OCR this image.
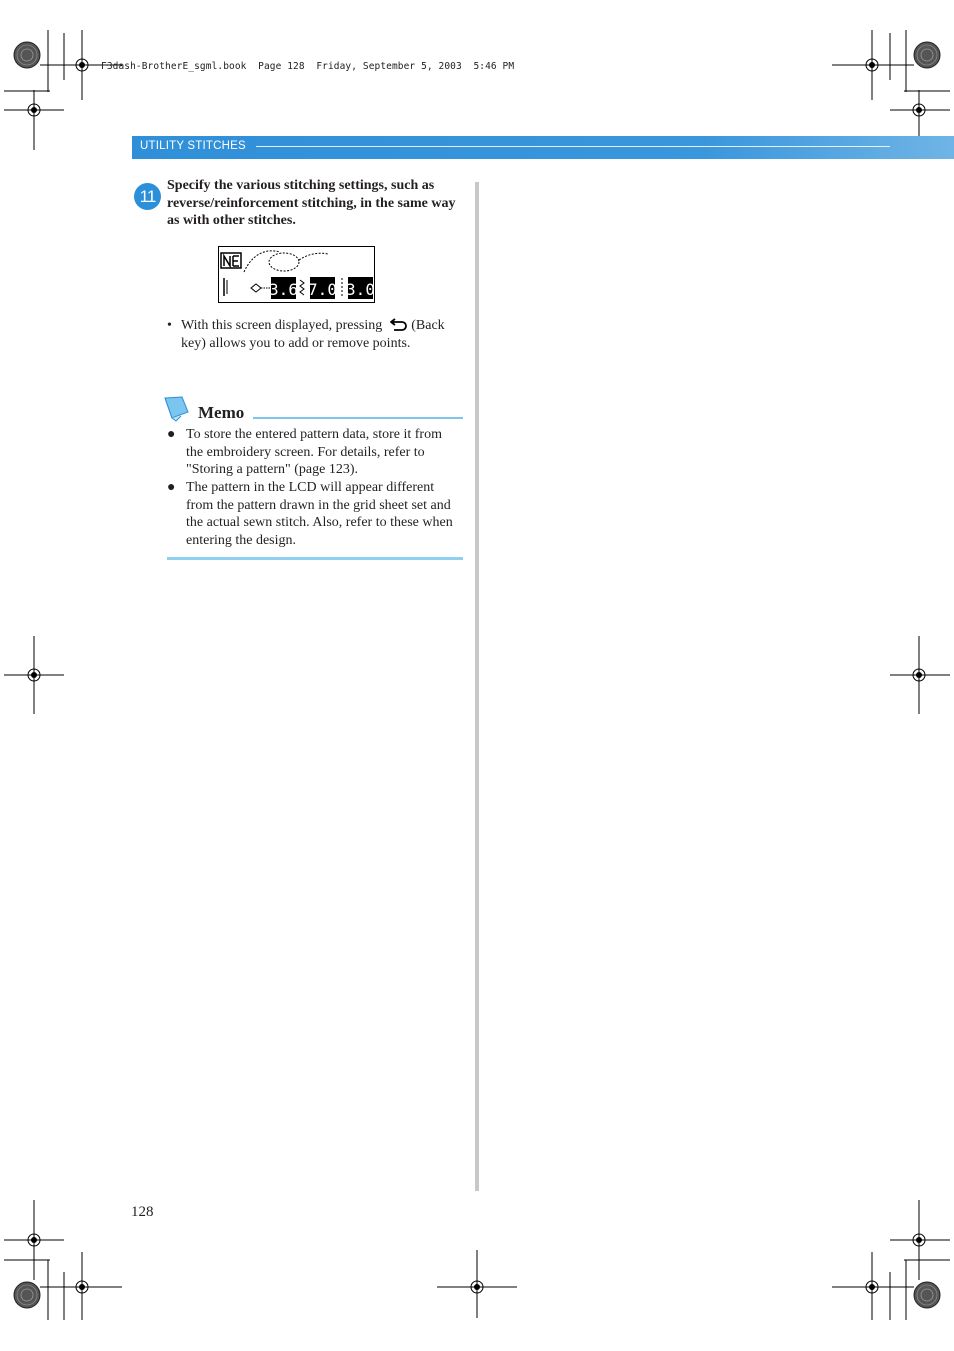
F3dash-BrotherE_sgml.book  Page 128  Friday, September 5, 2003  5:46 PM
UTILITY STITCHES
11
Specify the various stitching settings, such as reverse/reinforcement stitching, in the same way as with other stitches.
3.6 7.0 3.0
• With this screen displayed, pressing (Back key) allows you to add or remove points.
Memo
● To store the entered pattern data, store it from the embroidery screen. For details, refer to "Storing a pattern" (page 123).
● The pattern in the LCD will appear different from the pattern drawn in the grid sheet set and the actual sewn stitch. Also, refer to these when entering the design.
128
